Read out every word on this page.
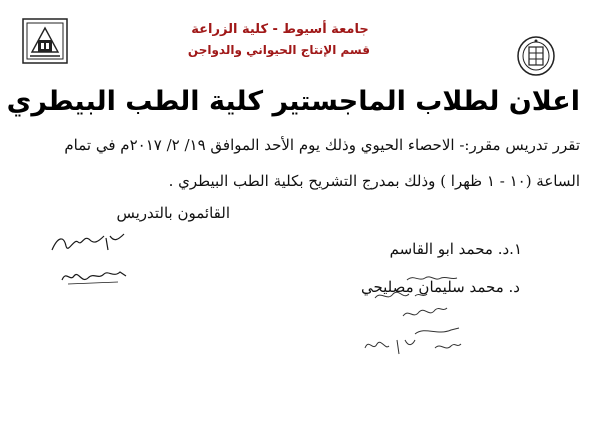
جامعة أسيوط - كلية الزراعة
قسم الإنتاج الحيواني والدواجن
اعلان لطلاب الماجستير كلية الطب البيطري
تقرر تدريس مقرر:- الاحصاء الحيوي وذلك يوم الأحد الموافق ١٩/ ٢/ ٢٠١٧م في تمام
الساعة (١٠ - ١ ظهرا ) وذلك بمدرج التشريح بكلية الطب البيطري .
القائمون بالتدريس
١.د. محمد ابو القاسم
د. محمد سليمان مصليحي
